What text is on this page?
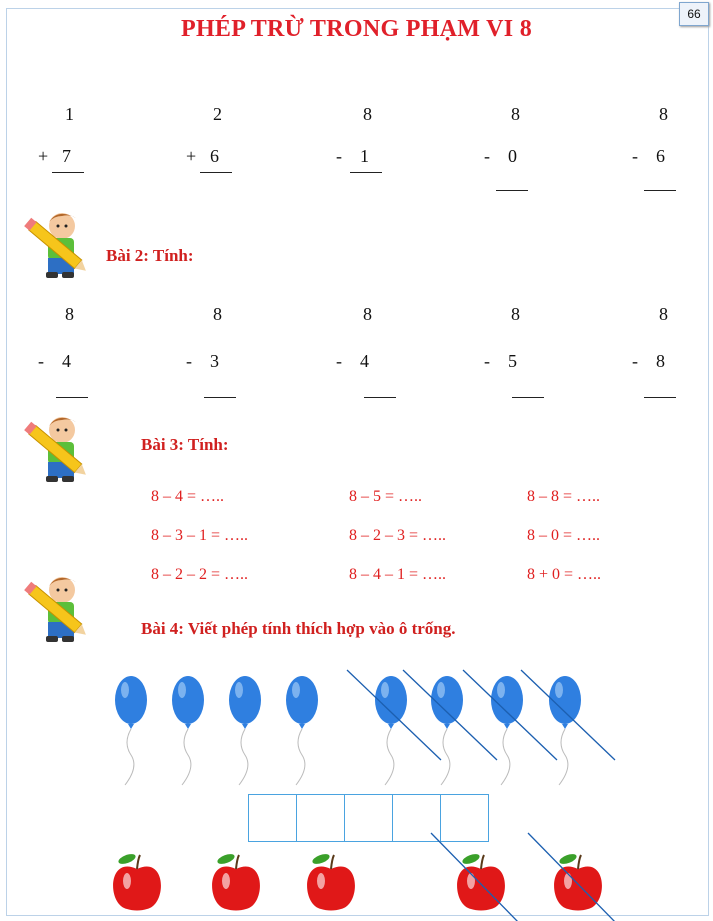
66
PHÉP TRỪ TRONG PHẠM VI 8
1
+ 7
2
+ 6
8
-	1
8
-	0
8
-	6
Bài 2: Tính:
8
-	4
8
-	3
8
-	4
8
-	5
8
-	8
Bài 3: Tính:
8 – 4 = …..	8 – 5 = …..	8 – 8 = …..
8 – 3 – 1 = …..	8 – 2 – 3 = …..	8 – 0 = …..
8 – 2 – 2 = …..	8 – 4 – 1 = …..	8 + 0 = …..
Bài 4: Viết phép tính thích hợp vào ô trống.
